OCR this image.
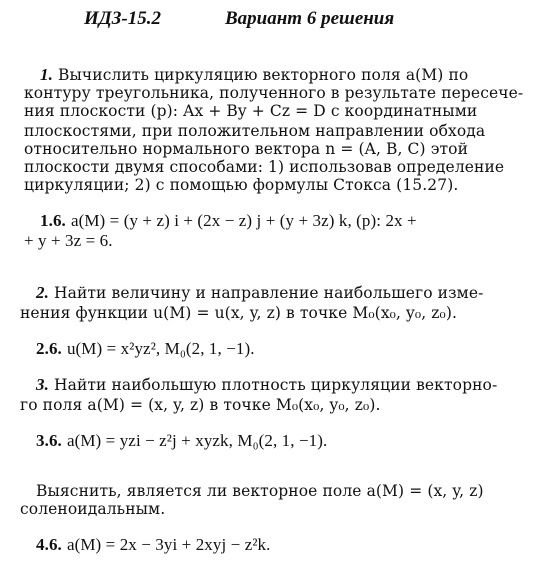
ИДЗ-15.2	Вариант 6 решения
1. Вычислить циркуляцию векторного поля a(M) по
контуру треугольника, полученного в результате пересече-
ния плоскости (p): Ax + By + Cz = D с координатными
плоскостями, при положительном направлении обхода
относительно нормального вектора n = (A, B, C) этой
плоскости двумя способами: 1) использовав определение
циркуляции; 2) с помощью формулы Стокса (15.27).
1.6. a(M) = (y + z) i + (2x − z) j + (y + 3z) k, (p): 2x +
+ y + 3z = 6.
2. Найти величину и направление наибольшего изме-
нения функции u(M) = u(x, y, z) в точке M₀(x₀, y₀, z₀).
2.6. u(M) = x²yz², M₀(2, 1, −1).
3. Найти наибольшую плотность циркуляции векторно-
го поля a(M) = (x, y, z) в точке M₀(x₀, y₀, z₀).
3.6. a(M) = yzi − z²j + xyzk, M₀(2, 1, −1).
Выяснить, является ли векторное поле a(M) = (x, y, z)
соленоидальным.
4.6. a(M) = 2x − 3yi + 2xyj − z²k.
